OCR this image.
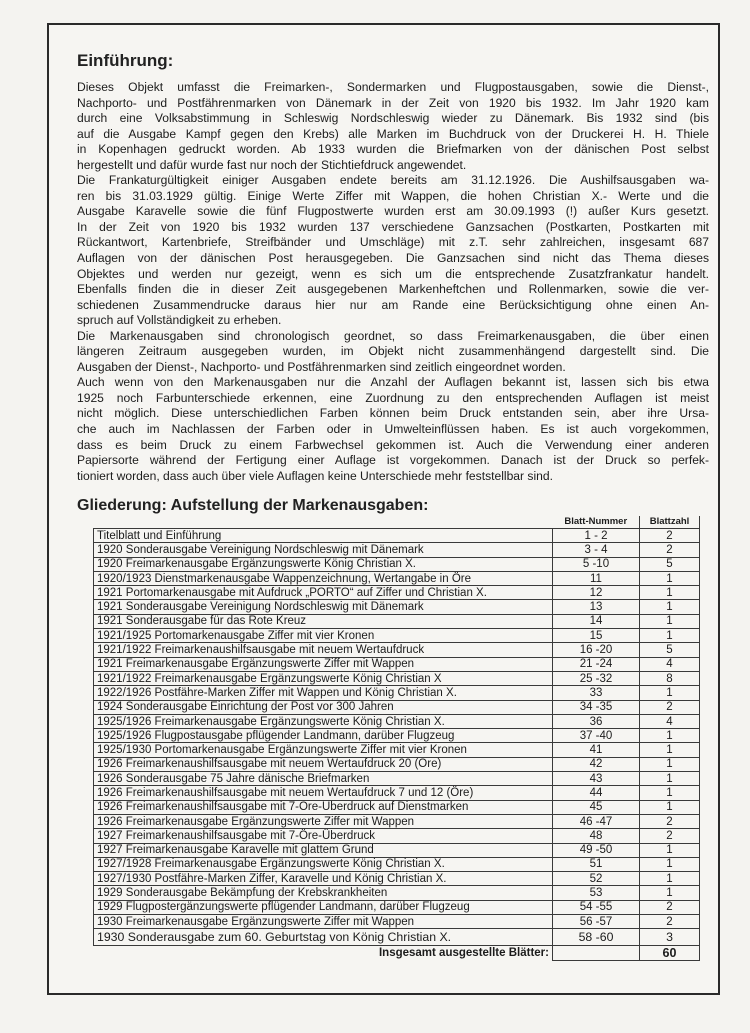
Einführung:
Dieses Objekt umfasst die Freimarken-, Sondermarken und Flugpostausgaben, sowie die Dienst-,
Nachporto- und Postfährenmarken von Dänemark in der Zeit von 1920 bis 1932. Im Jahr 1920 kam
durch eine Volksabstimmung in Schleswig Nordschleswig wieder zu Dänemark. Bis 1932 sind (bis
auf die Ausgabe Kampf gegen den Krebs) alle Marken im Buchdruck von der Druckerei H. H. Thiele
in Kopenhagen gedruckt worden. Ab 1933 wurden die Briefmarken von der dänischen Post selbst
hergestellt und dafür wurde fast nur noch der Stichtiefdruck angewendet.
Die Frankaturgültigkeit einiger Ausgaben endete bereits am 31.12.1926. Die Aushilfsausgaben wa-
ren bis 31.03.1929 gültig. Einige Werte Ziffer mit Wappen, die hohen Christian X.- Werte und die
Ausgabe Karavelle sowie die fünf Flugpostwerte wurden erst am 30.09.1993 (!) außer Kurs gesetzt.
In der Zeit von 1920 bis 1932 wurden 137 verschiedene Ganzsachen (Postkarten, Postkarten mit
Rückantwort, Kartenbriefe, Streifbänder und Umschläge) mit z.T. sehr zahlreichen, insgesamt 687
Auflagen von der dänischen Post herausgegeben. Die Ganzsachen sind nicht das Thema dieses
Objektes und werden nur gezeigt, wenn es sich um die entsprechende Zusatzfrankatur handelt.
Ebenfalls finden die in dieser Zeit ausgegebenen Markenheftchen und Rollenmarken, sowie die ver-
schiedenen Zusammendrucke daraus hier nur am Rande eine Berücksichtigung ohne einen An-
spruch auf Vollständigkeit zu erheben.
Die Markenausgaben sind chronologisch geordnet, so dass Freimarkenausgaben, die über einen
längeren Zeitraum ausgegeben wurden, im Objekt nicht zusammenhängend dargestellt sind. Die
Ausgaben der Dienst-, Nachporto- und Postfährenmarken sind zeitlich eingeordnet worden.
Auch wenn von den Markenausgaben nur die Anzahl der Auflagen bekannt ist, lassen sich bis etwa
1925 noch Farbunterschiede erkennen, eine Zuordnung zu den entsprechenden Auflagen ist meist
nicht möglich. Diese unterschiedlichen Farben können beim Druck entstanden sein, aber ihre Ursa-
che auch im Nachlassen der Farben oder in Umwelteinflüssen haben. Es ist auch vorgekommen,
dass es beim Druck zu einem Farbwechsel gekommen ist. Auch die Verwendung einer anderen
Papiersorte während der Fertigung einer Auflage ist vorgekommen. Danach ist der Druck so perfek-
tioniert worden, dass auch über viele Auflagen keine Unterschiede mehr feststellbar sind.
Gliederung: Aufstellung der Markenausgaben:
	Blatt-Nummer	Blattzahl
Titelblatt und Einführung	1 - 2	2
1920 Sonderausgabe Vereinigung Nordschleswig mit Dänemark	3 - 4	2
1920 Freimarkenausgabe Ergänzungswerte König Christian X.	5 -10	5
1920/1923 Dienstmarkenausgabe Wappenzeichnung, Wertangabe in Öre	11	1
1921 Portomarkenausgabe mit Aufdruck „PORTO“ auf Ziffer und Christian X.	12	1
1921 Sonderausgabe Vereinigung Nordschleswig mit Dänemark	13	1
1921 Sonderausgabe für das Rote Kreuz	14	1
1921/1925 Portomarkenausgabe Ziffer mit vier Kronen	15	1
1921/1922 Freimarkenaushilfsausgabe mit neuem Wertaufdruck	16 -20	5
1921 Freimarkenausgabe Ergänzungswerte Ziffer mit Wappen	21 -24	4
1921/1922 Freimarkenausgabe Ergänzungswerte König Christian X	25 -32	8
1922/1926 Postfähre-Marken Ziffer mit Wappen und König Christian X.	33	1
1924 Sonderausgabe Einrichtung der Post vor 300 Jahren	34 -35	2
1925/1926 Freimarkenausgabe Ergänzungswerte König Christian X.	36	4
1925/1926 Flugpostausgabe pflügender Landmann, darüber Flugzeug	37 -40	1
1925/1930 Portomarkenausgabe Ergänzungswerte Ziffer mit vier Kronen	41	1
1926 Freimarkenaushilfsausgabe mit neuem Wertaufdruck 20 (Öre)	42	1
1926 Sonderausgabe 75 Jahre dänische Briefmarken	43	1
1926 Freimarkenaushilfsausgabe mit neuem Wertaufdruck 7 und 12 (Öre)	44	1
1926 Freimarkenaushilfsausgabe mit 7-Öre-Überdruck auf Dienstmarken	45	1
1926 Freimarkenausgabe Ergänzungswerte Ziffer mit Wappen	46 -47	2
1927 Freimarkenaushilfsausgabe mit 7-Öre-Überdruck	48	2
1927 Freimarkenausgabe Karavelle mit glattem Grund	49 -50	1
1927/1928 Freimarkenausgabe Ergänzungswerte König Christian X.	51	1
1927/1930 Postfähre-Marken Ziffer, Karavelle und König Christian X.	52	1
1929 Sonderausgabe Bekämpfung der Krebskrankheiten	53	1
1929 Flugpostergänzungswerte pflügender Landmann, darüber Flugzeug	54 -55	2
1930 Freimarkenausgabe Ergänzungswerte Ziffer mit Wappen	56 -57	2
1930 Sonderausgabe zum 60. Geburtstag von König Christian X.	58 -60	3
Insgesamt ausgestellte Blätter:		60
